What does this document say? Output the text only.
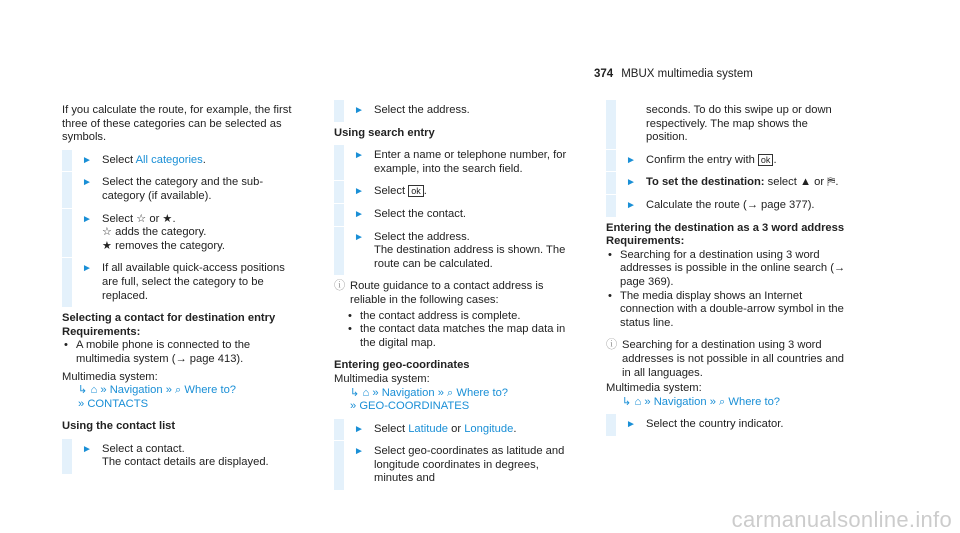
374 MBUX multimedia system

If you calculate the route, for example, the first three of these categories can be selected as symbols.

► Select All categories.
► Select the category and the sub-category (if available).
► Select ☆ or ★.
☆ adds the category.
★ removes the category.
► If all available quick-access positions are full, select the category to be replaced.

Selecting a contact for destination entry

Requirements:

• A mobile phone is connected to the multimedia system (→ page 413).

Multimedia system:

↳ ⌂ » Navigation » ⌕ Where to?
» CONTACTS

Using the contact list

► Select a contact.
The contact details are displayed.
► Select the address.

Using search entry

► Enter a name or telephone number, for example, into the search field.
► Select ok .
► Select the contact.
► Select the address.
The destination address is shown. The route can be calculated.
ⓘ Route guidance to a contact address is reliable in the following cases:

• the contact address is complete.

• the contact data matches the map data in the digital map.

Entering geo-coordinates

Multimedia system:

↳ ⌂ » Navigation » ⌕ Where to?
» GEO-COORDINATES
► Select Latitude or Longitude.
► Select geo-coordinates as latitude and longitude coordinates in degrees, minutes and
seconds. To do this swipe up or down respectively. The map shows the position.
► Confirm the entry with ok .
► To set the destination: select ▲ or ⛿.
► Calculate the route (→ page 377).

Entering the destination as a 3 word address

Requirements:

• Searching for a destination using 3 word addresses is possible in the online search (→ page 369).

• The media display shows an Internet connection with a double-arrow symbol in the status line.

ⓘ Searching for a destination using 3 word addresses is not possible in all countries and in all languages.

Multimedia system:

↳ ⌂ » Navigation » ⌕ Where to?
► Select the country indicator.
carmanualsonline.info
